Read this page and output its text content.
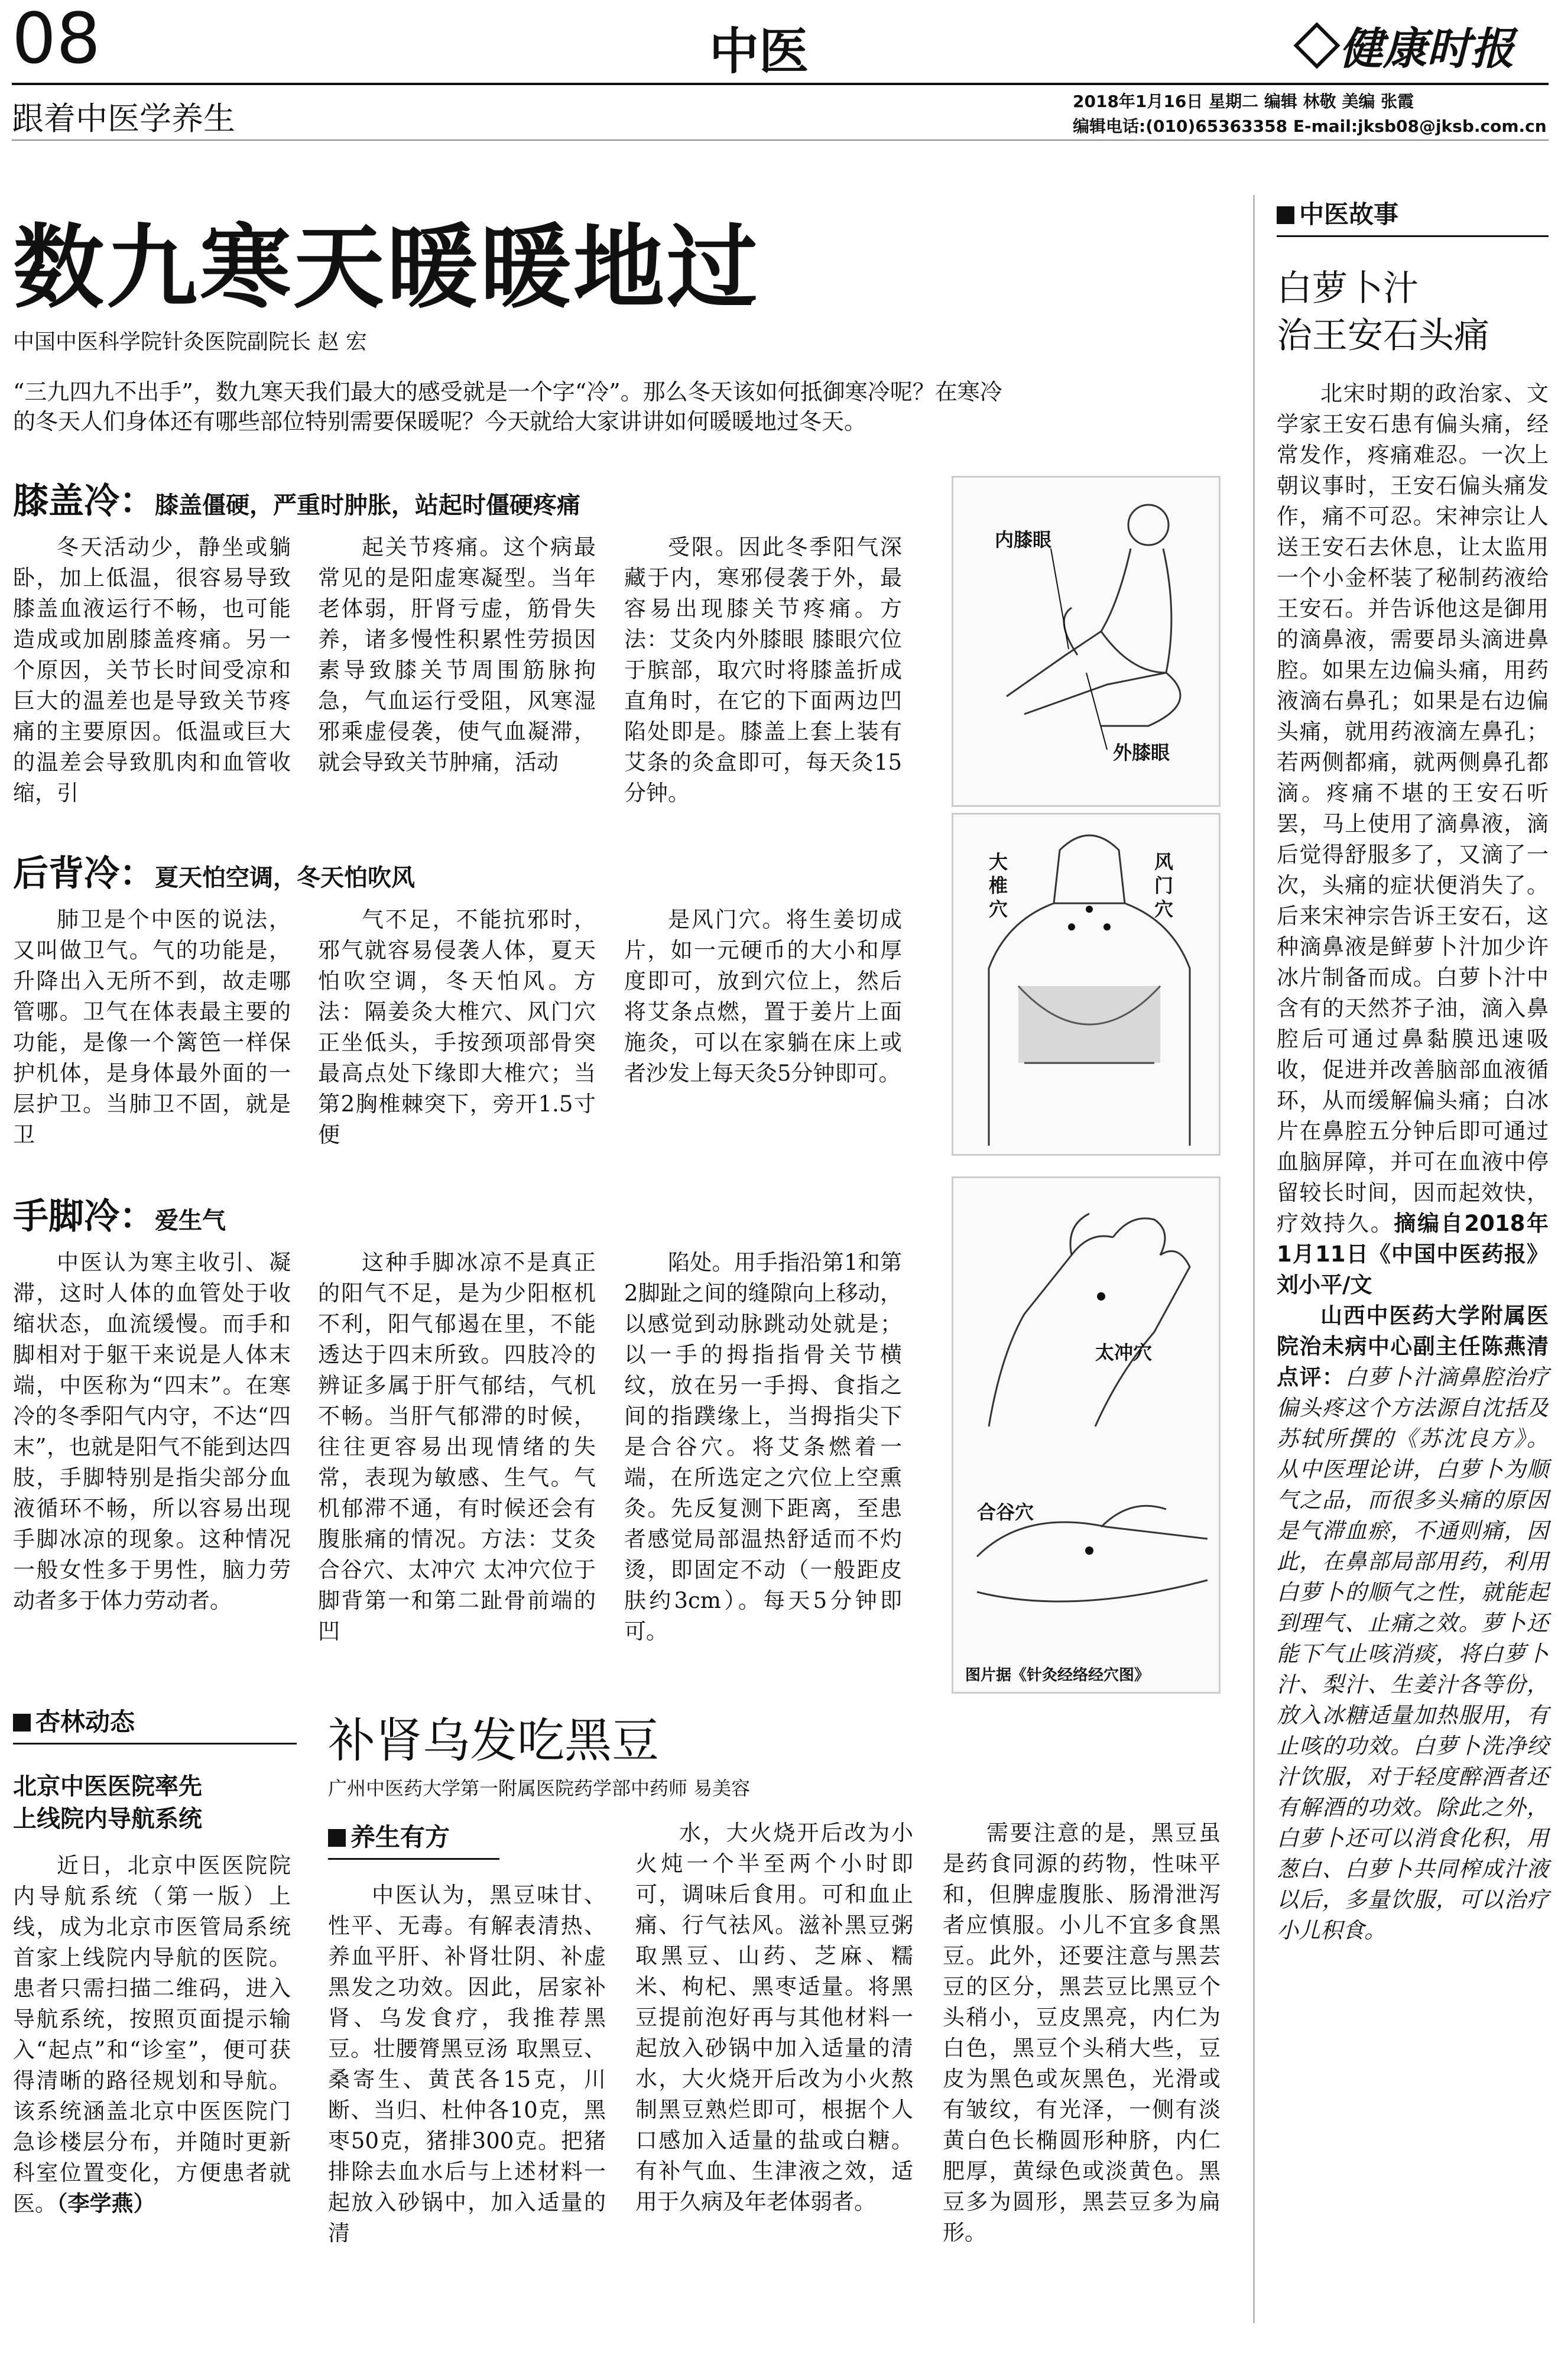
08	中医	健康时报
跟着中医学养生	2018年1月16日 星期二 编辑 林敬 美编 张霞
编辑电话:(010)65363358 E-mail:jksb08@jksb.com.cn
数九寒天暖暖地过
中国中医科学院针灸医院副院长 赵 宏
“三九四九不出手”，数九寒天我们最大的感受就是一个字“冷”。那么冬天该如何抵御寒冷呢？在寒冷的冬天人们身体还有哪些部位特别需要保暖呢？今天就给大家讲讲如何暖暖地过冬天。
膝盖冷：膝盖僵硬，严重时肿胀，站起时僵硬疼痛

冬天活动少，静坐或躺卧，加上低温，很容易导致膝盖血液运行不畅，也可能造成或加剧膝盖疼痛。另一个原因，关节长时间受凉和巨大的温差也是导致关节疼痛的主要原因。低温或巨大的温差会导致肌肉和血管收缩，引

起关节疼痛。这个病最常见的是阳虚寒凝型。当年老体弱，肝肾亏虚，筋骨失养，诸多慢性积累性劳损因素导致膝关节周围筋脉拘急，气血运行受阻，风寒湿邪乘虚侵袭，使气血凝滞，就会导致关节肿痛，活动

受限。因此冬季阳气深藏于内，寒邪侵袭于外，最容易出现膝关节疼痛。方法：艾灸内外膝眼 膝眼穴位于膑部，取穴时将膝盖折成直角时，在它的下面两边凹陷处即是。膝盖上套上装有艾条的灸盒即可，每天灸15分钟。

后背冷：夏天怕空调，冬天怕吹风

肺卫是个中医的说法，又叫做卫气。气的功能是，升降出入无所不到，故走哪管哪。卫气在体表最主要的功能，是像一个篱笆一样保护机体，是身体最外面的一层护卫。当肺卫不固，就是卫

气不足，不能抗邪时，邪气就容易侵袭人体，夏天怕吹空调，冬天怕风。方法：隔姜灸大椎穴、风门穴 正坐低头，手按颈项部骨突最高点处下缘即大椎穴；当第2胸椎棘突下，旁开1.5寸便

是风门穴。将生姜切成片，如一元硬币的大小和厚度即可，放到穴位上，然后将艾条点燃，置于姜片上面施灸，可以在家躺在床上或者沙发上每天灸5分钟即可。

手脚冷：爱生气

中医认为寒主收引、凝滞，这时人体的血管处于收缩状态，血流缓慢。而手和脚相对于躯干来说是人体末端，中医称为“四末”。在寒冷的冬季阳气内守，不达“四末”，也就是阳气不能到达四肢，手脚特别是指尖部分血液循环不畅，所以容易出现手脚冰凉的现象。这种情况一般女性多于男性，脑力劳动者多于体力劳动者。

这种手脚冰凉不是真正的阳气不足，是为少阳枢机不利，阳气郁遏在里，不能透达于四末所致。四肢冷的辨证多属于肝气郁结，气机不畅。当肝气郁滞的时候，往往更容易出现情绪的失常，表现为敏感、生气。气机郁滞不通，有时候还会有腹胀痛的情况。方法：艾灸合谷穴、太冲穴 太冲穴位于脚背第一和第二趾骨前端的凹

陷处。用手指沿第1和第2脚趾之间的缝隙向上移动，以感觉到动脉跳动处就是；以一手的拇指指骨关节横纹，放在另一手拇、食指之间的指蹼缘上，当拇指尖下是合谷穴。将艾条燃着一端，在所选定之穴位上空熏灸。先反复测下距离，至患者感觉局部温热舒适而不灼烫，即固定不动（一般距皮肤约3cm）。每天5分钟即可。

内膝眼
外膝眼
大椎穴
风门穴
太冲穴
合谷穴
图片据《针灸经络经穴图》
杏林动态
北京中医医院率先
上线院内导航系统

近日，北京中医医院院内导航系统（第一版）上线，成为北京市医管局系统首家上线院内导航的医院。患者只需扫描二维码，进入导航系统，按照页面提示输入“起点”和“诊室”，便可获得清晰的路径规划和导航。该系统涵盖北京中医医院门急诊楼层分布，并随时更新科室位置变化，方便患者就医。（李学燕）

补肾乌发吃黑豆
广州中医药大学第一附属医院药学部中药师 易美容
养生有方

中医认为，黑豆味甘、性平、无毒。有解表清热、养血平肝、补肾壮阴、补虚黑发之功效。因此，居家补肾、乌发食疗，我推荐黑豆。壮腰膂黑豆汤 取黑豆、桑寄生、黄芪各15克，川断、当归、杜仲各10克，黑枣50克，猪排300克。把猪排除去血水后与上述材料一起放入砂锅中，加入适量的清

水，大火烧开后改为小火炖一个半至两个小时即可，调味后食用。可和血止痛、行气祛风。滋补黑豆粥 取黑豆、山药、芝麻、糯米、枸杞、黑枣适量。将黑豆提前泡好再与其他材料一起放入砂锅中加入适量的清水，大火烧开后改为小火熬制黑豆熟烂即可，根据个人口感加入适量的盐或白糖。有补气血、生津液之效，适用于久病及年老体弱者。

需要注意的是，黑豆虽是药食同源的药物，性味平和，但脾虚腹胀、肠滑泄泻者应慎服。小儿不宜多食黑豆。此外，还要注意与黑芸豆的区分，黑芸豆比黑豆个头稍小，豆皮黑亮，内仁为白色，黑豆个头稍大些，豆皮为黑色或灰黑色，光滑或有皱纹，有光泽，一侧有淡黄白色长椭圆形种脐，内仁肥厚，黄绿色或淡黄色。黑豆多为圆形，黑芸豆多为扁形。

中医故事
白萝卜汁
治王安石头痛

北宋时期的政治家、文学家王安石患有偏头痛，经常发作，疼痛难忍。一次上朝议事时，王安石偏头痛发作，痛不可忍。宋神宗让人送王安石去休息，让太监用一个小金杯装了秘制药液给王安石。并告诉他这是御用的滴鼻液，需要昂头滴进鼻腔。如果左边偏头痛，用药液滴右鼻孔；如果是右边偏头痛，就用药液滴左鼻孔；若两侧都痛，就两侧鼻孔都滴。疼痛不堪的王安石听罢，马上使用了滴鼻液，滴后觉得舒服多了，又滴了一次，头痛的症状便消失了。后来宋神宗告诉王安石，这种滴鼻液是鲜萝卜汁加少许冰片制备而成。白萝卜汁中含有的天然芥子油，滴入鼻腔后可通过鼻黏膜迅速吸收，促进并改善脑部血液循环，从而缓解偏头痛；白冰片在鼻腔五分钟后即可通过血脑屏障，并可在血液中停留较长时间，因而起效快，疗效持久。摘编自2018年1月11日《中国中医药报》刘小平/文

山西中医药大学附属医院治未病中心副主任陈燕清点评：白萝卜汁滴鼻腔治疗偏头疼这个方法源自沈括及苏轼所撰的《苏沈良方》。从中医理论讲，白萝卜为顺气之品，而很多头痛的原因是气滞血瘀，不通则痛，因此，在鼻部局部用药，利用白萝卜的顺气之性，就能起到理气、止痛之效。萝卜还能下气止咳消痰，将白萝卜汁、梨汁、生姜汁各等份，放入冰糖适量加热服用，有止咳的功效。白萝卜洗净绞汁饮服，对于轻度醉酒者还有解酒的功效。除此之外，白萝卜还可以消食化积，用葱白、白萝卜共同榨成汁液以后，多量饮服，可以治疗小儿积食。
